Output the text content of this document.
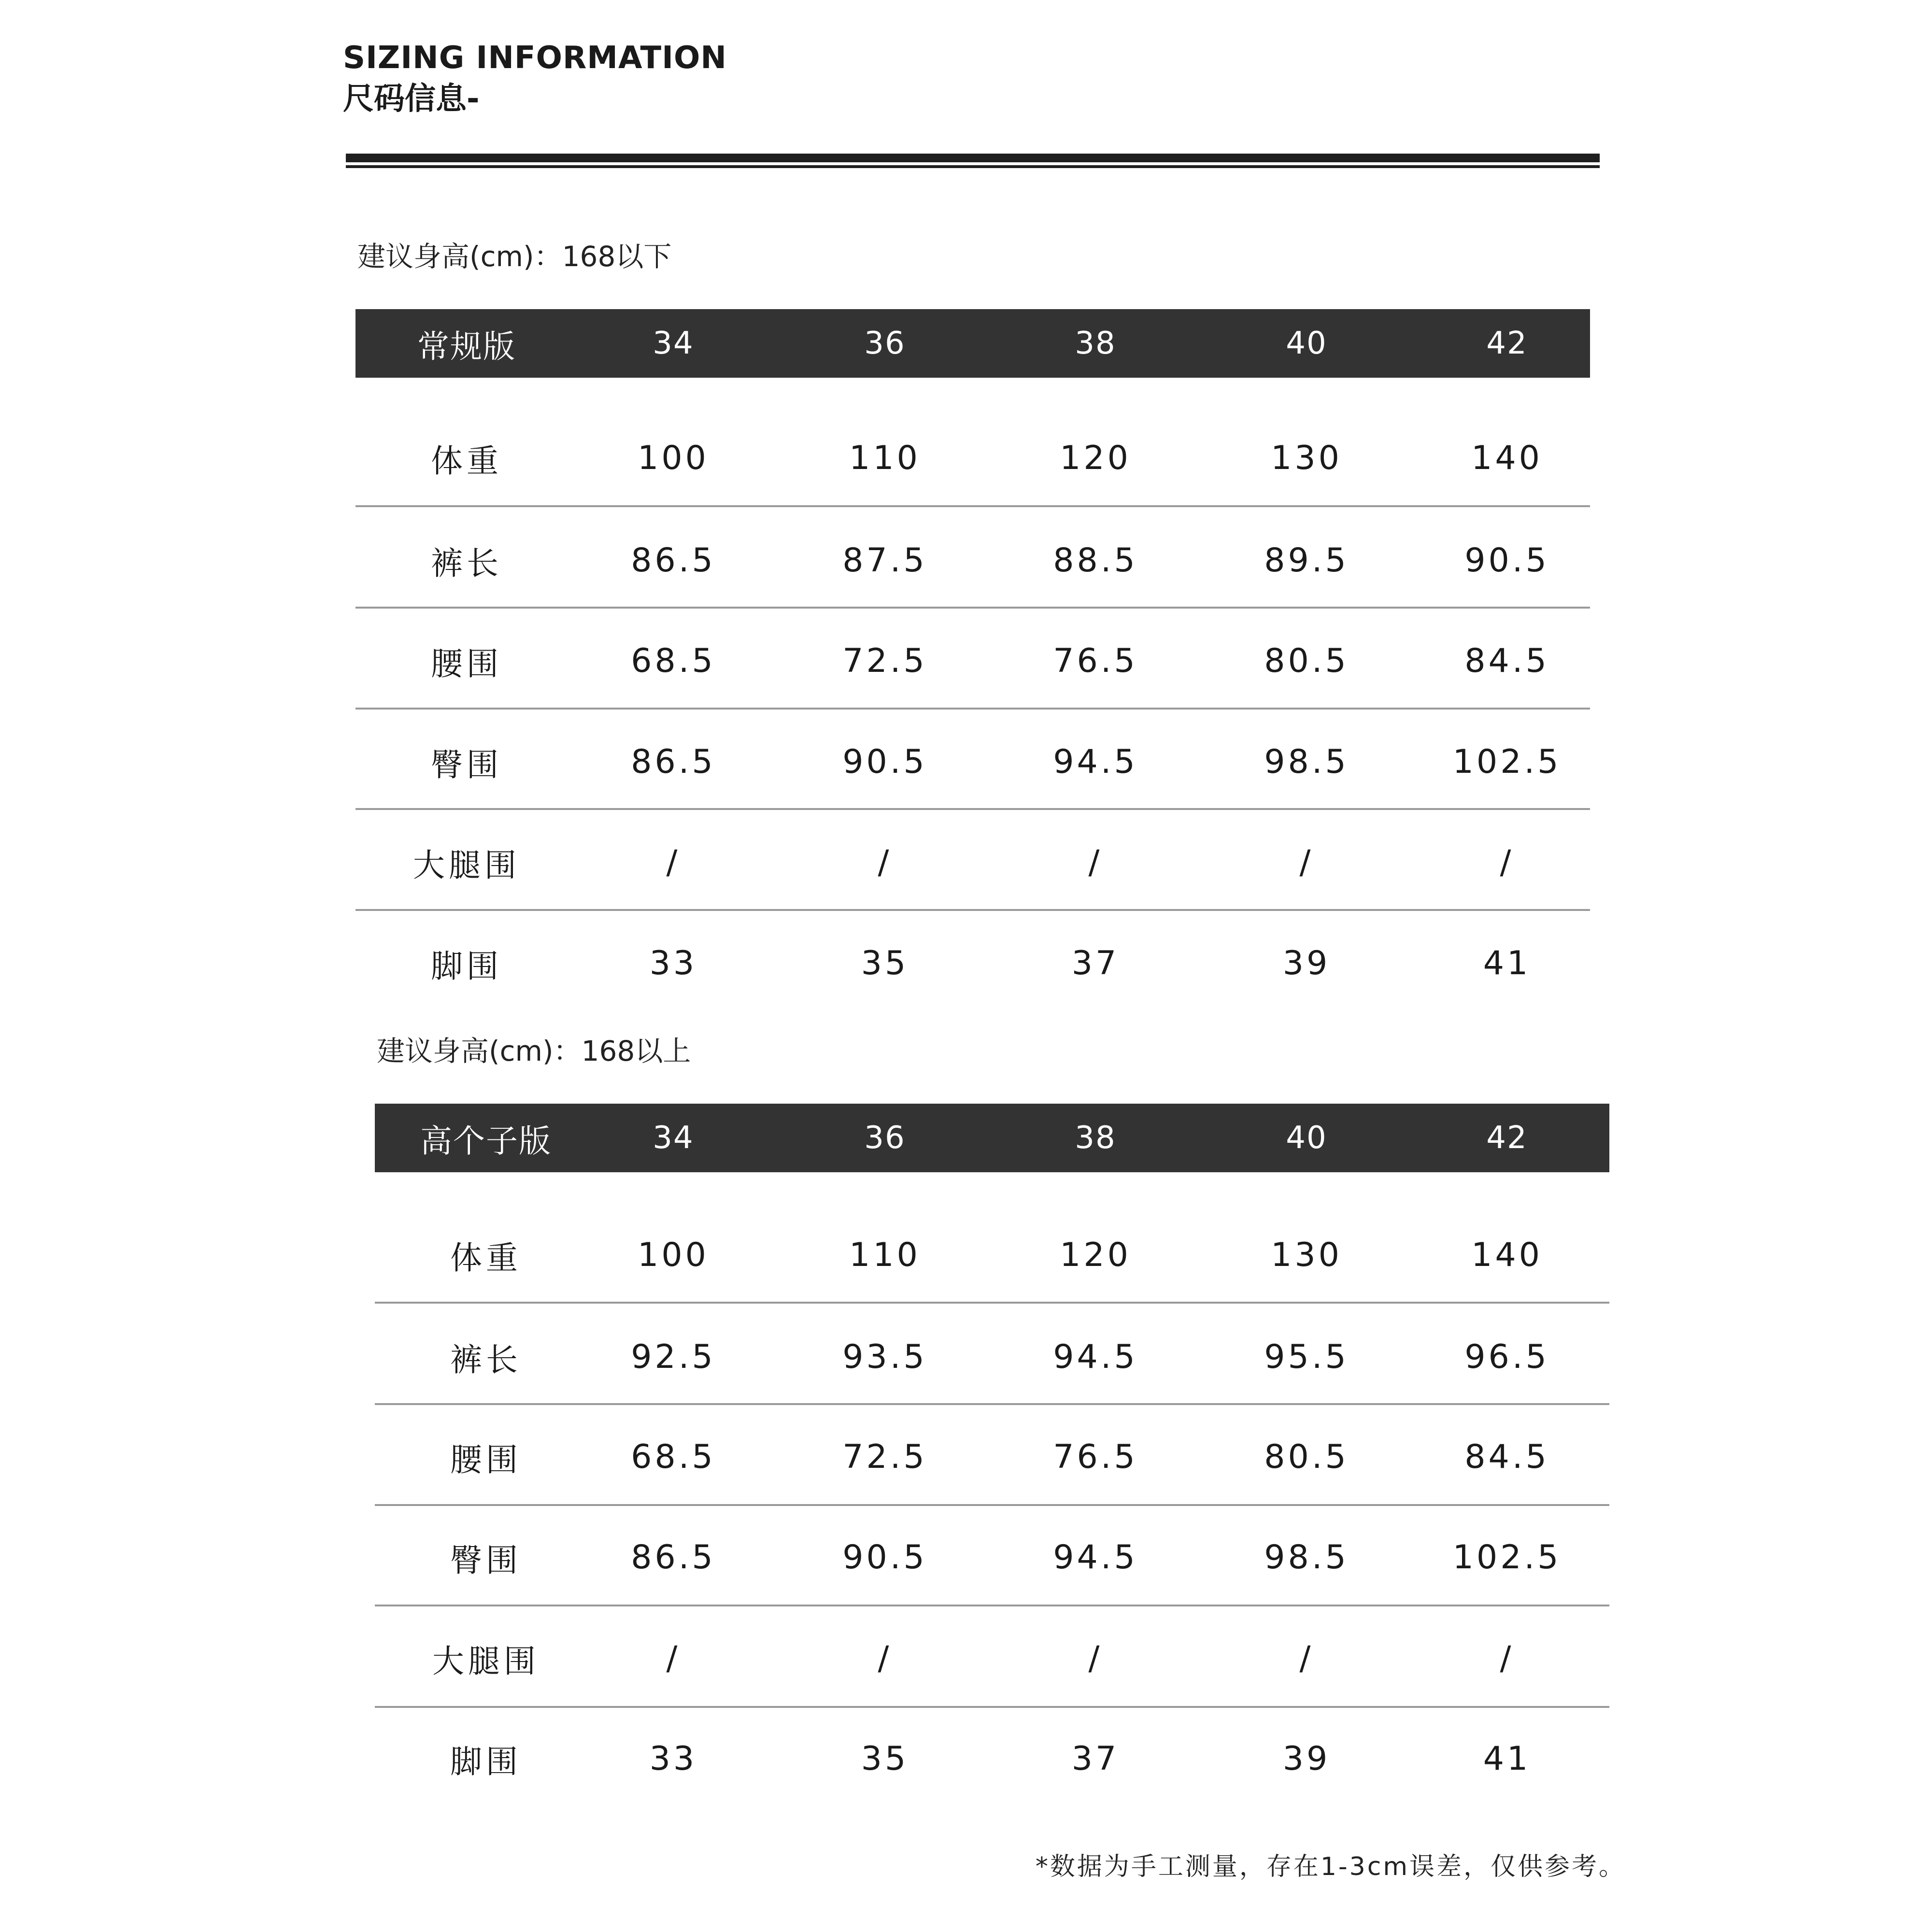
SIZING INFORMATION
尺码信息-
建议身高(cm)：168以下
常规版	34	36	38	40	42
体重	100	110	120	130	140
裤长	86.5	87.5	88.5	89.5	90.5
腰围	68.5	72.5	76.5	80.5	84.5
臀围	86.5	90.5	94.5	98.5	102.5
大腿围	/	/	/	/	/
脚围	33	35	37	39	41
建议身高(cm)：168以上
高个子版	34	36	38	40	42
体重	100	110	120	130	140
裤长	92.5	93.5	94.5	95.5	96.5
腰围	68.5	72.5	76.5	80.5	84.5
臀围	86.5	90.5	94.5	98.5	102.5
大腿围	/	/	/	/	/
脚围	33	35	37	39	41
*数据为手工测量，存在1-3cm误差，仅供参考。
